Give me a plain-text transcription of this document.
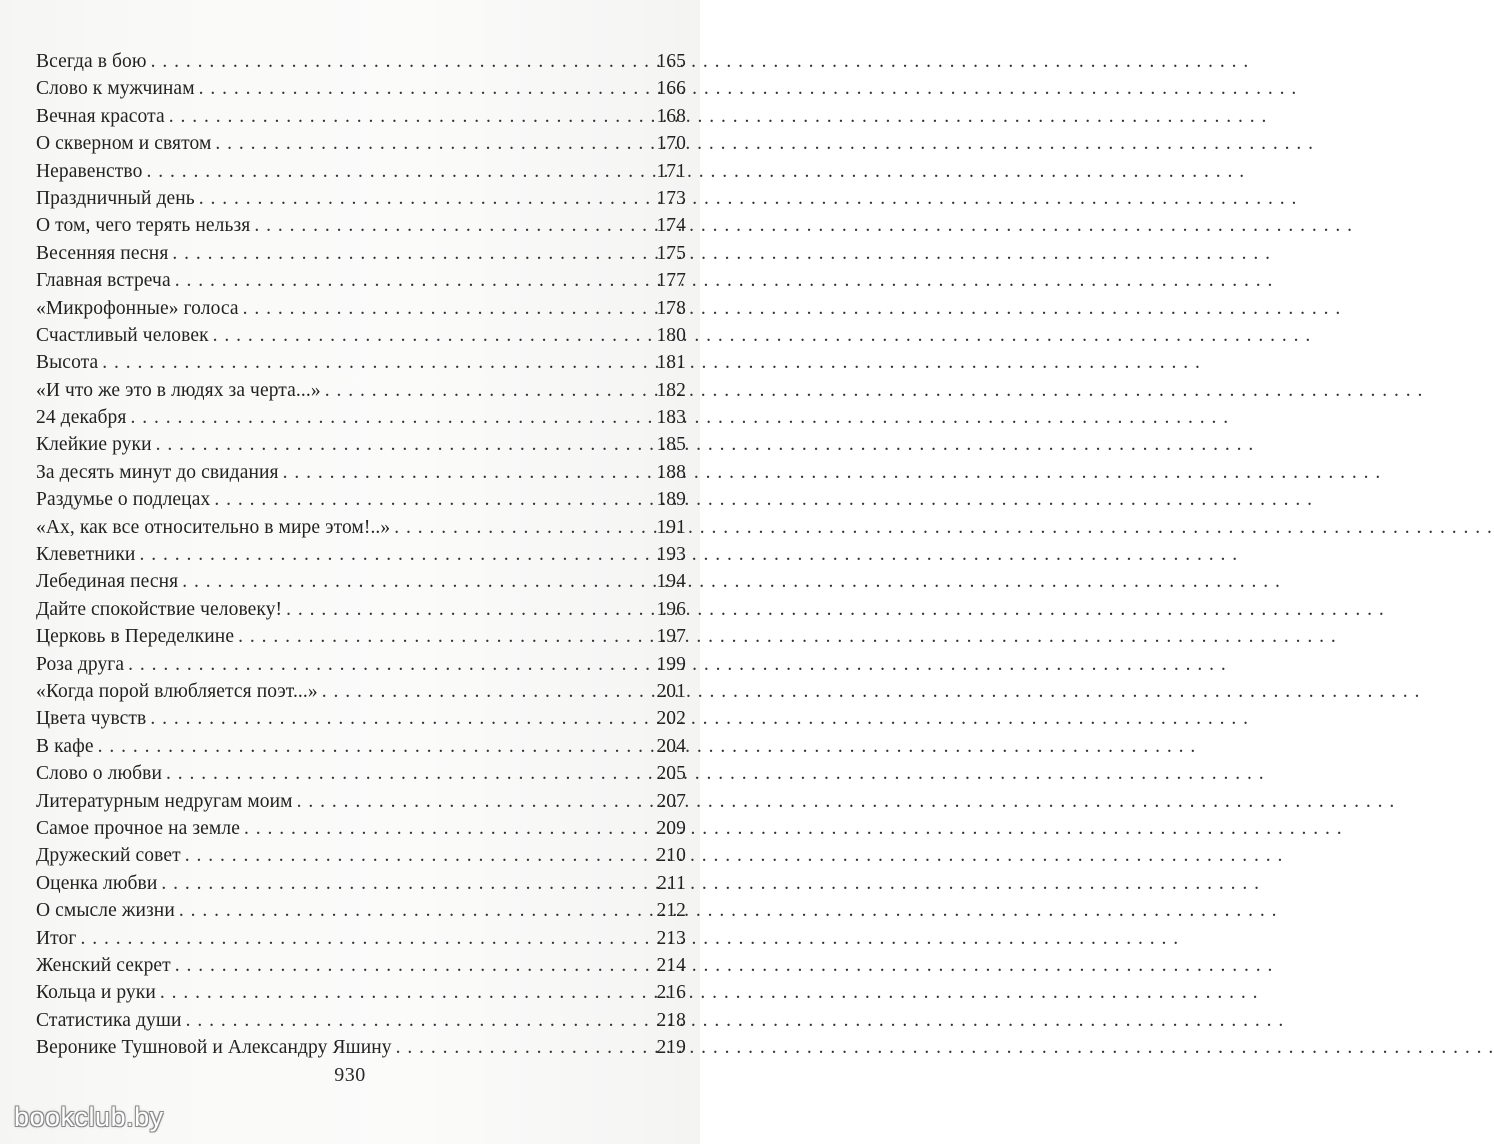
Всегда в бою . . .	165
Слово к мужчинам . . .	166
Вечная красота . . .	168
О скверном и святом . . .	170
Неравенство . . .	171
Праздничный день . . .	173
О том, чего терять нельзя . . .	174
Весенняя песня . . .	175
Главная встреча . . .	177
«Микрофонные» голоса . . .	178
Счастливый человек . . .	180
Высота . . .	181
«И что же это в людях за черта...» . . .	182
24 декабря . . .	183
Клейкие руки . . .	185
За десять минут до свидания . . .	188
Раздумье о подлецах . . .	189
«Ах, как все относительно в мире этом!..» . . .	191
Клеветники . . .	193
Лебединая песня . . .	194
Дайте спокойствие человеку! . . .	196
Церковь в Переделкине . . .	197
Роза друга . . .	199
«Когда порой влюбляется поэт...» . . .	201
Цвета чувств . . .	202
В кафе . . .	204
Слово о любви . . .	205
Литературным недругам моим . . .	207
Самое прочное на земле . . .	209
Дружеский совет . . .	210
Оценка любви . . .	211
О смысле жизни . . .	212
Итог . . .	213
Женский секрет . . .	214
Кольца и руки . . .	216
Статистика души . . .	218
Веронике Тушновой и Александру Яшину . . .	219
930
bookclub.by
